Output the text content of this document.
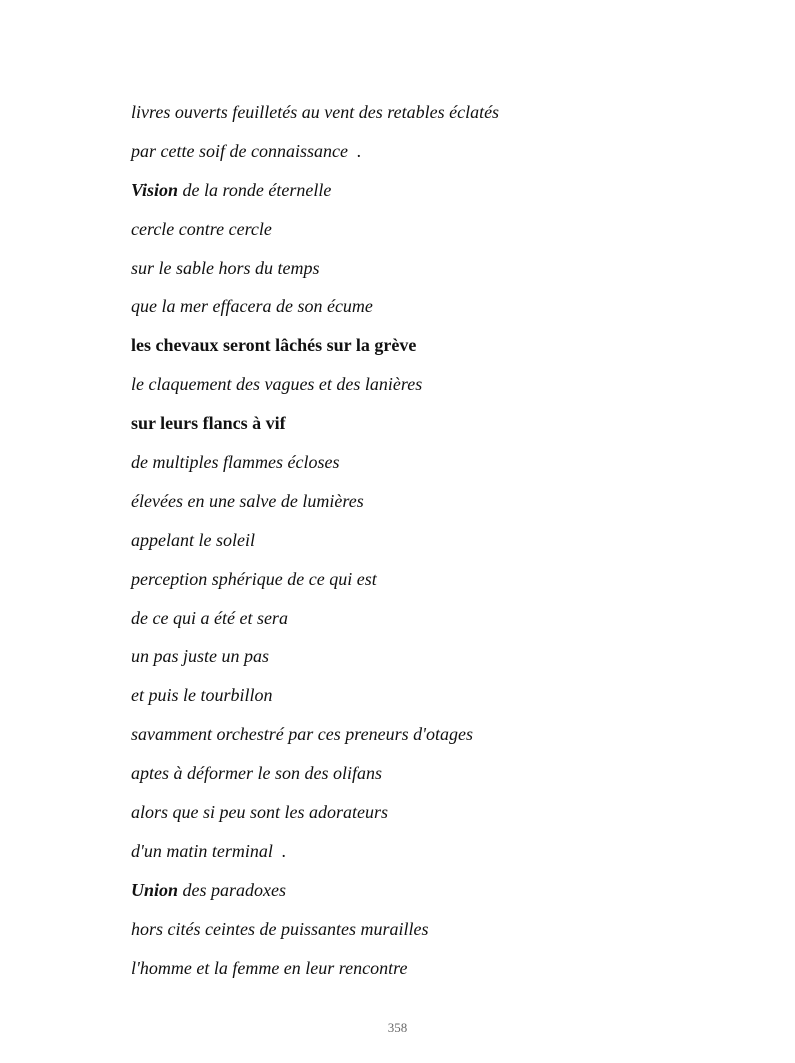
livres ouverts feuilletés au vent des retables éclatés
par cette soif de connaissance  .
Vision de la ronde éternelle
cercle contre cercle
sur le sable hors du temps
que la mer effacera de son écume
les chevaux seront lâchés sur la grève
le claquement des vagues et des lanières
sur leurs flancs à vif
de multiples flammes écloses
élevées en une salve de lumières
appelant le soleil
perception sphérique de ce qui est
de ce qui a été et sera
un pas juste un pas
et puis le tourbillon
savamment orchestré par ces preneurs d'otages
aptes à déformer le son des olifans
alors que si peu sont les adorateurs
d'un matin terminal  .
Union des paradoxes
hors cités ceintes de puissantes murailles
l'homme et la femme en leur rencontre
358
